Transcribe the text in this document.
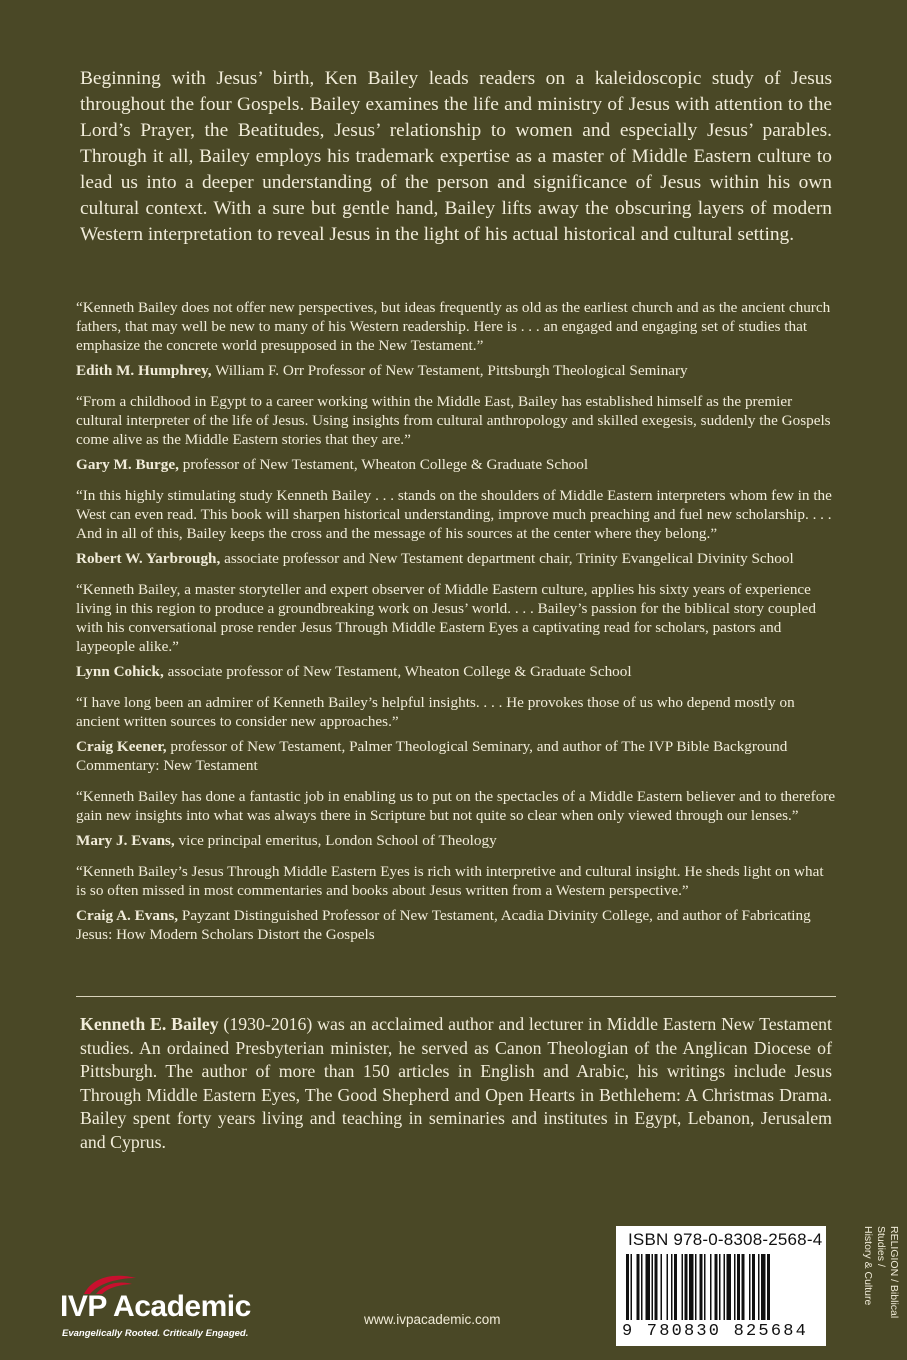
Beginning with Jesus’ birth, Ken Bailey leads readers on a kaleidoscopic study of Jesus throughout the four Gospels. Bailey examines the life and ministry of Jesus with attention to the Lord’s Prayer, the Beatitudes, Jesus’ relationship to women and especially Jesus’ parables. Through it all, Bailey employs his trademark expertise as a master of Middle Eastern culture to lead us into a deeper understanding of the person and significance of Jesus within his own cultural context. With a sure but gentle hand, Bailey lifts away the obscuring layers of modern Western interpretation to reveal Jesus in the light of his actual historical and cultural setting.

“Kenneth Bailey does not offer new perspectives, but ideas frequently as old as the earliest church and as the ancient church fathers, that may well be new to many of his Western readership. Here is . . . an engaged and engaging set of studies that emphasize the concrete world presupposed in the New Testament.”

Edith M. Humphrey, William F. Orr Professor of New Testament, Pittsburgh Theological Seminary

“From a childhood in Egypt to a career working within the Middle East, Bailey has established himself as the premier cultural interpreter of the life of Jesus. Using insights from cultural anthropology and skilled exegesis, suddenly the Gospels come alive as the Middle Eastern stories that they are.”

Gary M. Burge, professor of New Testament, Wheaton College & Graduate School

“In this highly stimulating study Kenneth Bailey . . . stands on the shoulders of Middle Eastern interpreters whom few in the West can even read. This book will sharpen historical understanding, improve much preaching and fuel new scholarship. . . . And in all of this, Bailey keeps the cross and the message of his sources at the center where they belong.”

Robert W. Yarbrough, associate professor and New Testament department chair, Trinity Evangelical Divinity School

“Kenneth Bailey, a master storyteller and expert observer of Middle Eastern culture, applies his sixty years of experience living in this region to produce a groundbreaking work on Jesus’ world. . . . Bailey’s passion for the biblical story coupled with his conversational prose render Jesus Through Middle Eastern Eyes a captivating read for scholars, pastors and laypeople alike.”

Lynn Cohick, associate professor of New Testament, Wheaton College & Graduate School

“I have long been an admirer of Kenneth Bailey’s helpful insights. . . . He provokes those of us who depend mostly on ancient written sources to consider new approaches.”

Craig Keener, professor of New Testament, Palmer Theological Seminary, and author of The IVP Bible Background Commentary: New Testament

“Kenneth Bailey has done a fantastic job in enabling us to put on the spectacles of a Middle Eastern believer and to therefore gain new insights into what was always there in Scripture but not quite so clear when only viewed through our lenses.”

Mary J. Evans, vice principal emeritus, London School of Theology

“Kenneth Bailey’s Jesus Through Middle Eastern Eyes is rich with interpretive and cultural insight. He sheds light on what is so often missed in most commentaries and books about Jesus written from a Western perspective.”

Craig A. Evans, Payzant Distinguished Professor of New Testament, Acadia Divinity College, and author of Fabricating Jesus: How Modern Scholars Distort the Gospels

Kenneth E. Bailey (1930-2016) was an acclaimed author and lecturer in Middle Eastern New Testament studies. An ordained Presbyterian minister, he served as Canon Theologian of the Anglican Diocese of Pittsburgh. The author of more than 150 articles in English and Arabic, his writings include Jesus Through Middle Eastern Eyes, The Good Shepherd and Open Hearts in Bethlehem: A Christmas Drama. Bailey spent forty years living and teaching in seminaries and institutes in Egypt, Lebanon, Jerusalem and Cyprus.

ISBN 978-0-8308-2568-4
9 780830 825684
RELIGION / Biblical Studies /
History & Culture
IVP Academic
Evangelically Rooted. Critically Engaged.
www.ivpacademic.com
